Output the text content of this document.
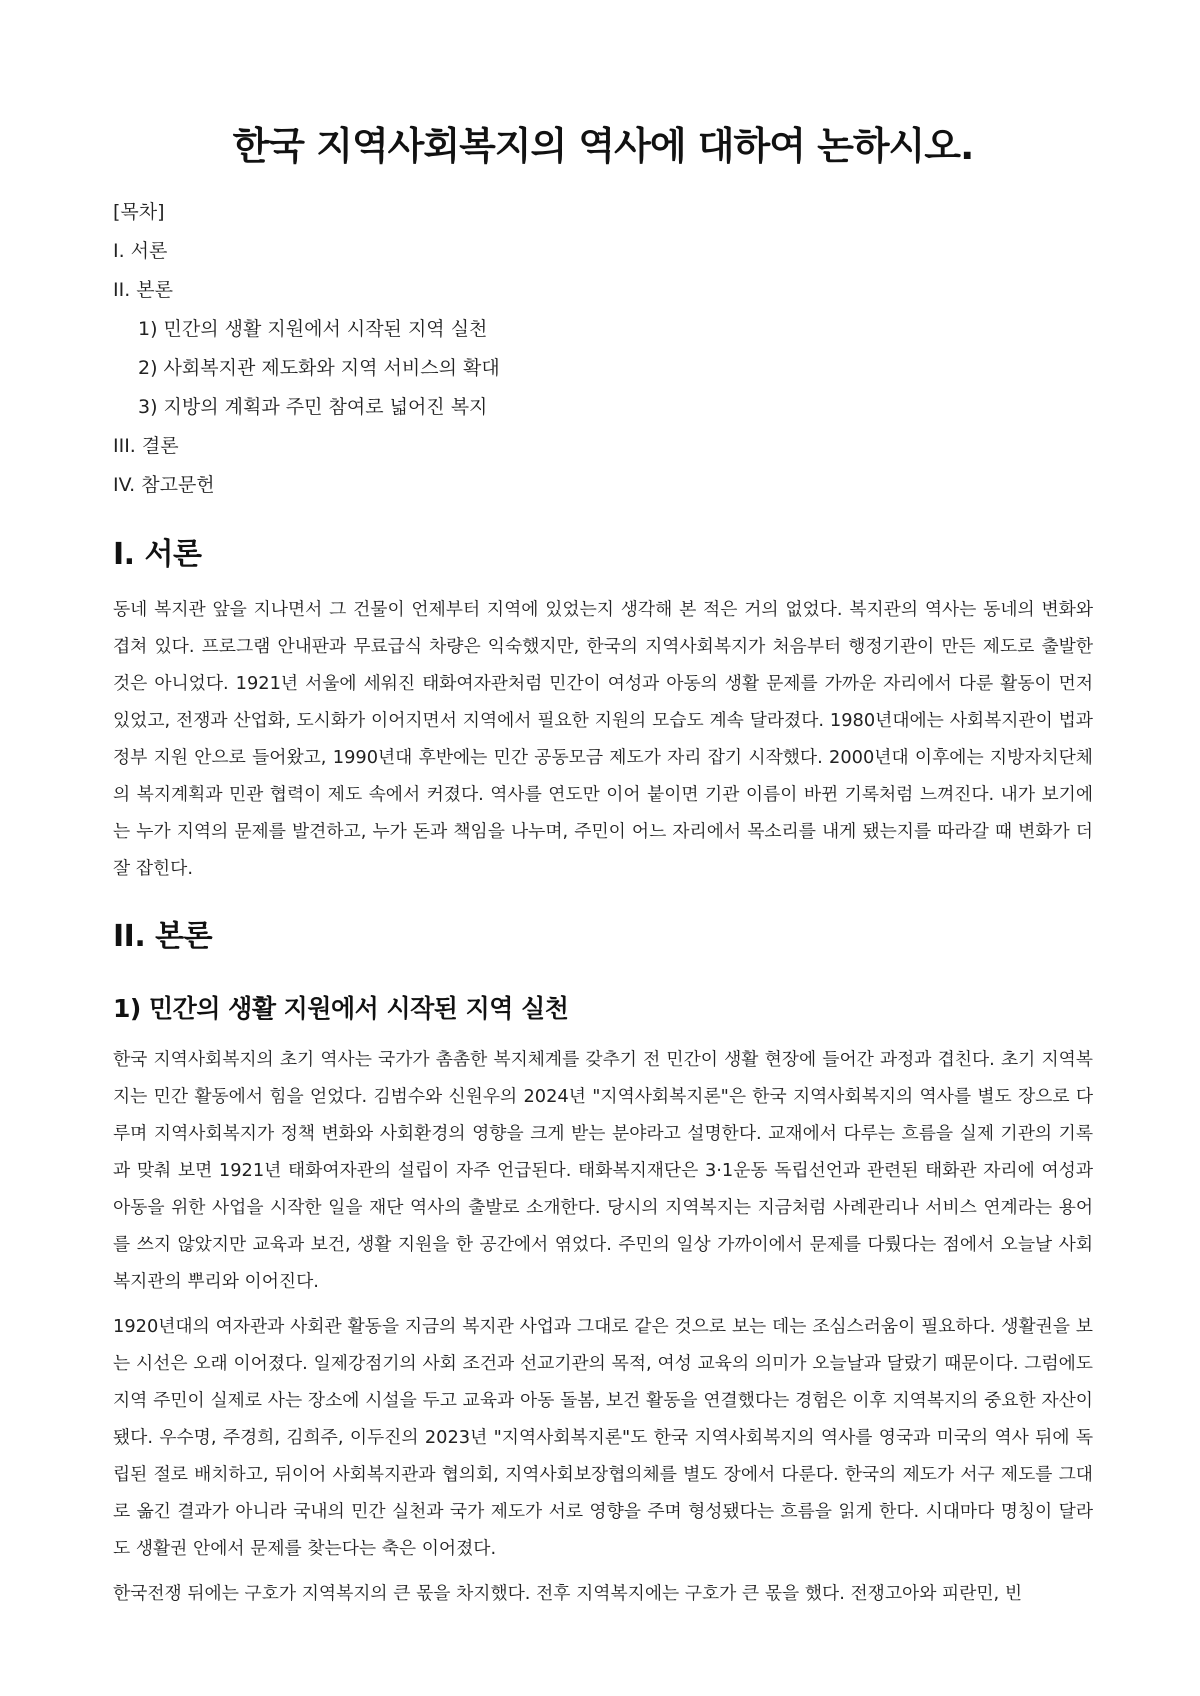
한국 지역사회복지의 역사에 대하여 논하시오.
[목차]
I. 서론
II. 본론
1) 민간의 생활 지원에서 시작된 지역 실천
2) 사회복지관 제도화와 지역 서비스의 확대
3) 지방의 계획과 주민 참여로 넓어진 복지
III. 결론
IV. 참고문헌
I. 서론

동네 복지관 앞을 지나면서 그 건물이 언제부터 지역에 있었는지 생각해 본 적은 거의 없었다. 복지관의 역사는 동네의 변화와 겹쳐 있다. 프로그램 안내판과 무료급식 차량은 익숙했지만, 한국의 지역사회복지가 처음부터 행정기관이 만든 제도로 출발한 것은 아니었다. 1921년 서울에 세워진 태화여자관처럼 민간이 여성과 아동의 생활 문제를 가까운 자리에서 다룬 활동이 먼저 있었고, 전쟁과 산업화, 도시화가 이어지면서 지역에서 필요한 지원의 모습도 계속 달라졌다. 1980년대에는 사회복지관이 법과 정부 지원 안으로 들어왔고, 1990년대 후반에는 민간 공동모금 제도가 자리 잡기 시작했다. 2000년대 이후에는 지방자치단체의 복지계획과 민관 협력이 제도 속에서 커졌다. 역사를 연도만 이어 붙이면 기관 이름이 바뀐 기록처럼 느껴진다. 내가 보기에는 누가 지역의 문제를 발견하고, 누가 돈과 책임을 나누며, 주민이 어느 자리에서 목소리를 내게 됐는지를 따라갈 때 변화가 더 잘 잡힌다.

II. 본론
1) 민간의 생활 지원에서 시작된 지역 실천

한국 지역사회복지의 초기 역사는 국가가 촘촘한 복지체계를 갖추기 전 민간이 생활 현장에 들어간 과정과 겹친다. 초기 지역복지는 민간 활동에서 힘을 얻었다. 김범수와 신원우의 2024년 "지역사회복지론"은 한국 지역사회복지의 역사를 별도 장으로 다루며 지역사회복지가 정책 변화와 사회환경의 영향을 크게 받는 분야라고 설명한다. 교재에서 다루는 흐름을 실제 기관의 기록과 맞춰 보면 1921년 태화여자관의 설립이 자주 언급된다. 태화복지재단은 3·1운동 독립선언과 관련된 태화관 자리에 여성과 아동을 위한 사업을 시작한 일을 재단 역사의 출발로 소개한다. 당시의 지역복지는 지금처럼 사례관리나 서비스 연계라는 용어를 쓰지 않았지만 교육과 보건, 생활 지원을 한 공간에서 엮었다. 주민의 일상 가까이에서 문제를 다뤘다는 점에서 오늘날 사회복지관의 뿌리와 이어진다.

1920년대의 여자관과 사회관 활동을 지금의 복지관 사업과 그대로 같은 것으로 보는 데는 조심스러움이 필요하다. 생활권을 보는 시선은 오래 이어졌다. 일제강점기의 사회 조건과 선교기관의 목적, 여성 교육의 의미가 오늘날과 달랐기 때문이다. 그럼에도 지역 주민이 실제로 사는 장소에 시설을 두고 교육과 아동 돌봄, 보건 활동을 연결했다는 경험은 이후 지역복지의 중요한 자산이 됐다. 우수명, 주경희, 김희주, 이두진의 2023년 "지역사회복지론"도 한국 지역사회복지의 역사를 영국과 미국의 역사 뒤에 독립된 절로 배치하고, 뒤이어 사회복지관과 협의회, 지역사회보장협의체를 별도 장에서 다룬다. 한국의 제도가 서구 제도를 그대로 옮긴 결과가 아니라 국내의 민간 실천과 국가 제도가 서로 영향을 주며 형성됐다는 흐름을 읽게 한다. 시대마다 명칭이 달라도 생활권 안에서 문제를 찾는다는 축은 이어졌다.

한국전쟁 뒤에는 구호가 지역복지의 큰 몫을 차지했다. 전후 지역복지에는 구호가 큰 몫을 했다. 전쟁고아와 피란민, 빈
